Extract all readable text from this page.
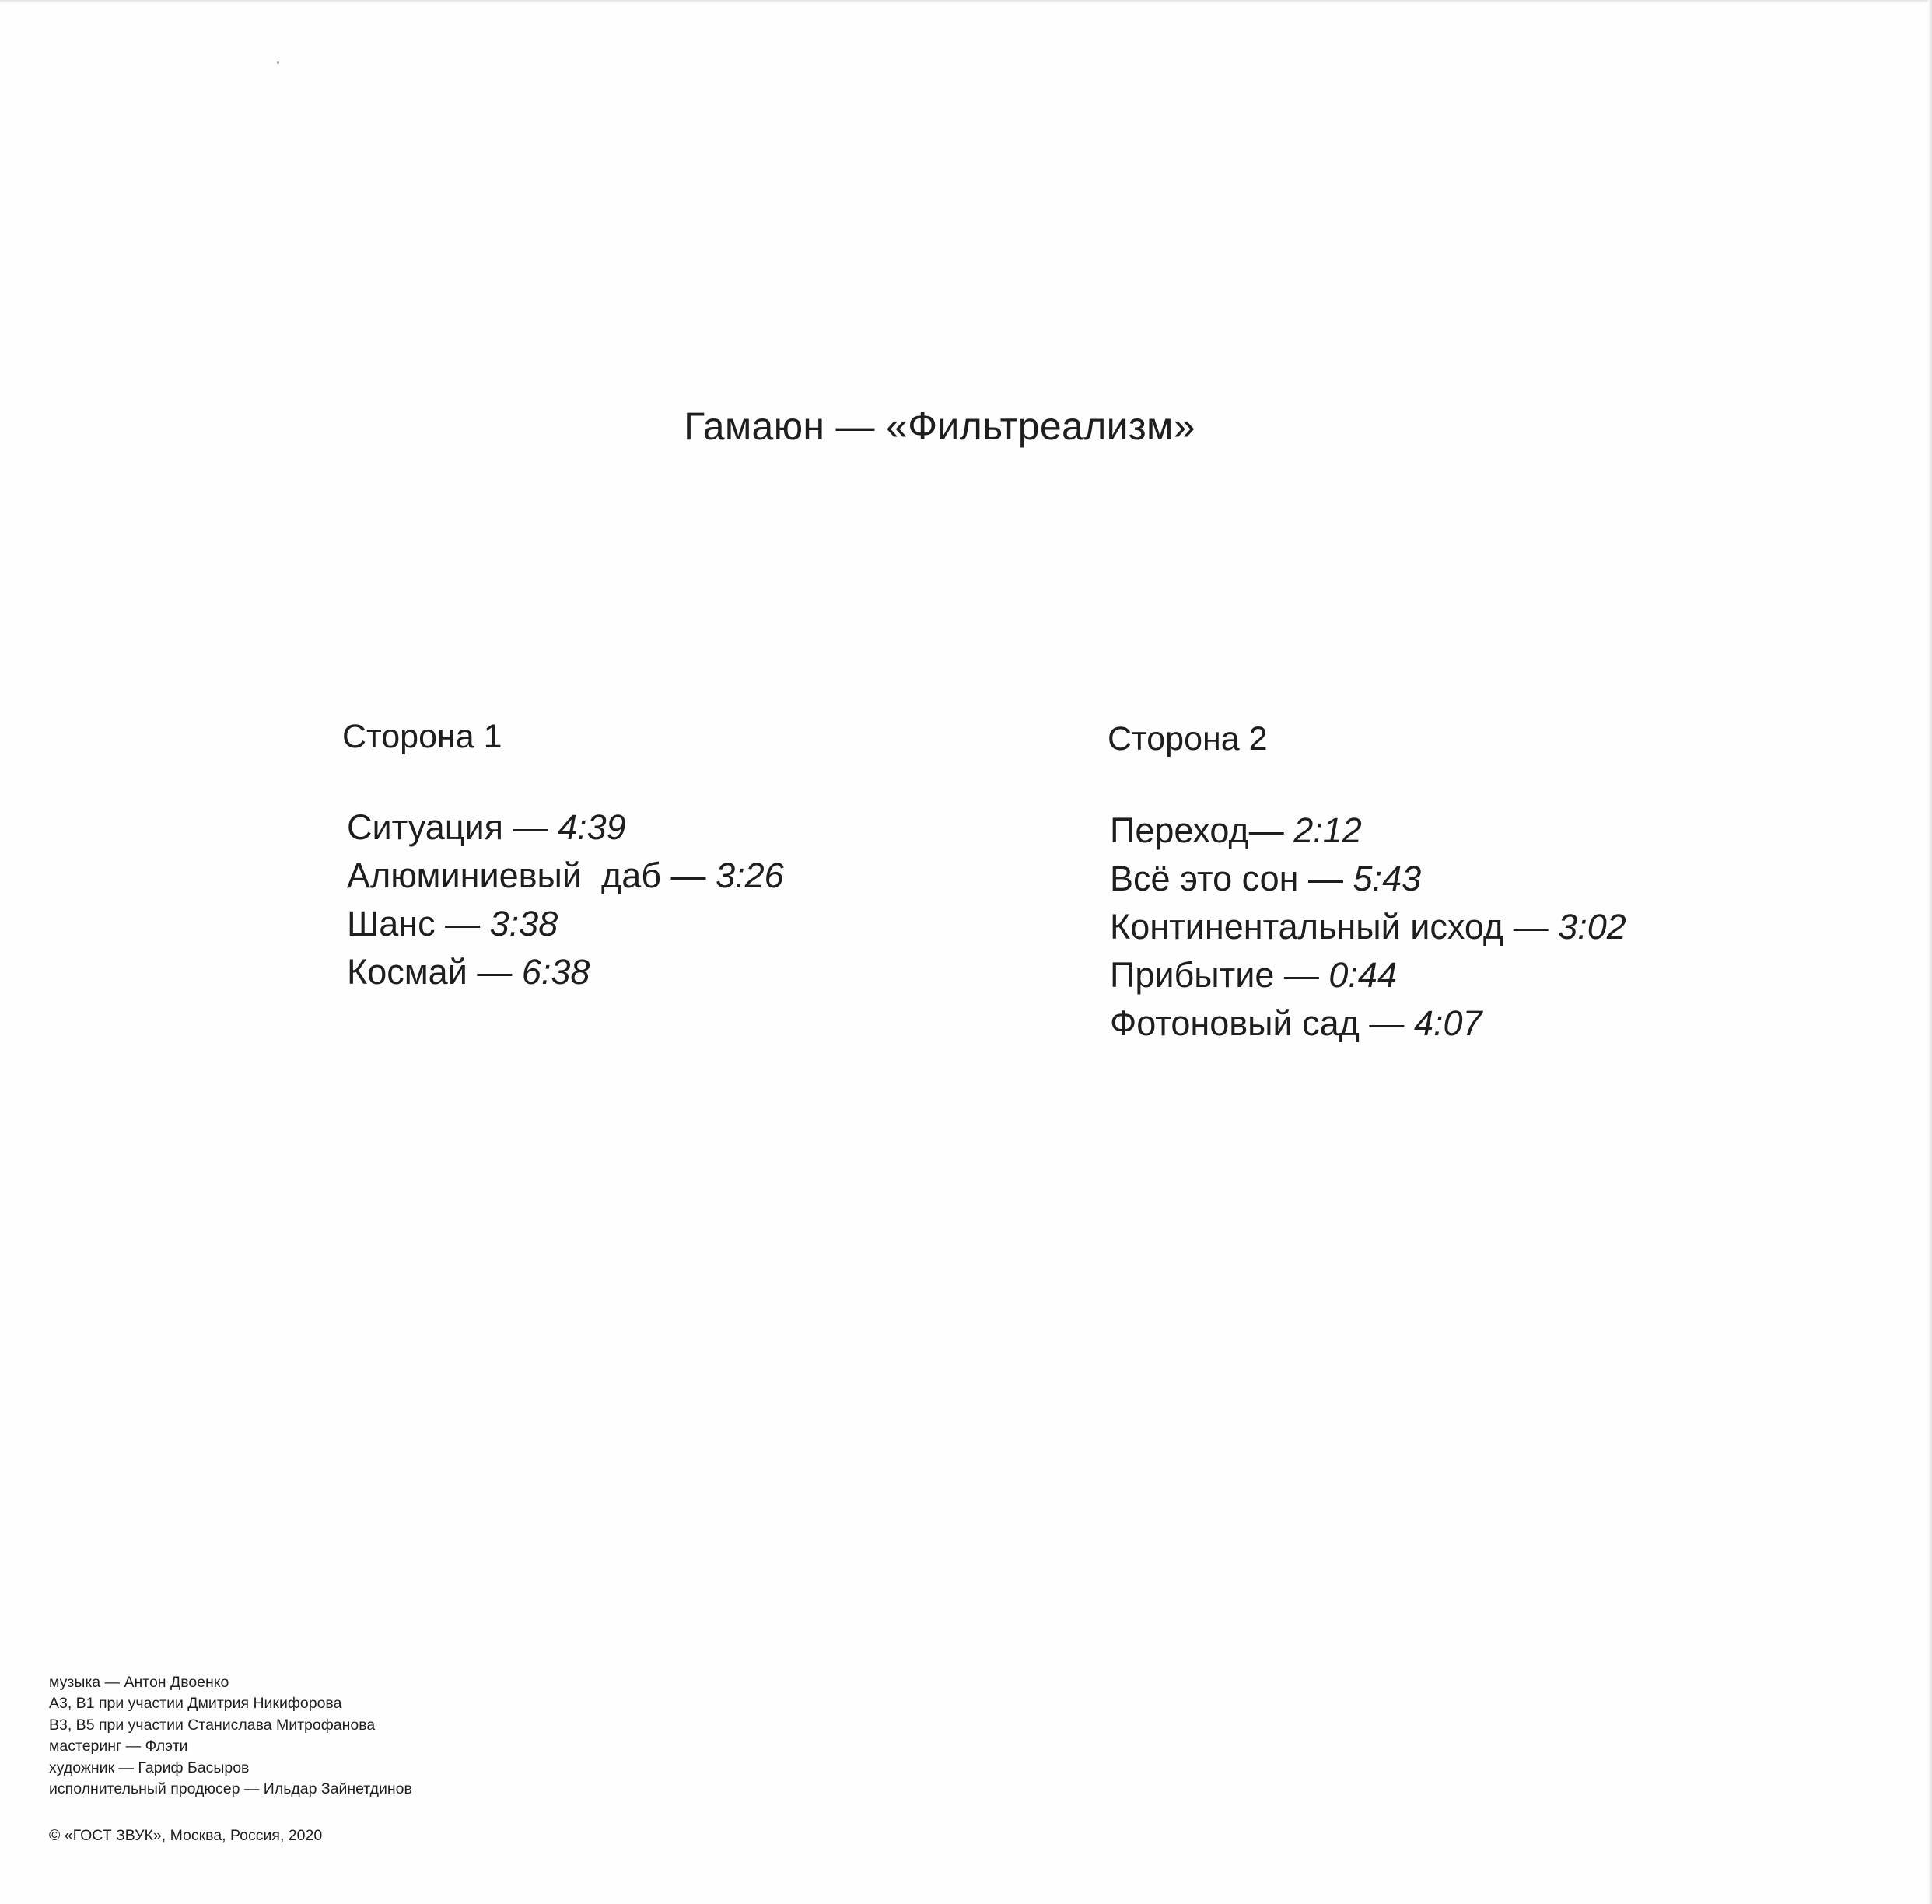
Гамаюн — «Фильтреализм»
Сторона 1
Ситуация — 4:39
Алюминиевый  даб — 3:26
Шанс — 3:38
Космай — 6:38
Сторона 2
Переход— 2:12
Всё это сон — 5:43
Континентальный исход — 3:02
Прибытие — 0:44
Фотоновый сад — 4:07
музыка — Антон Двоенко
А3, В1 при участии Дмитрия Никифорова
В3, В5 при участии Станислава Митрофанова
мастеринг — Флэти
художник — Гариф Басыров
исполнительный продюсер — Ильдар Зайнетдинов
© «ГОСТ ЗВУК», Москва, Россия, 2020
